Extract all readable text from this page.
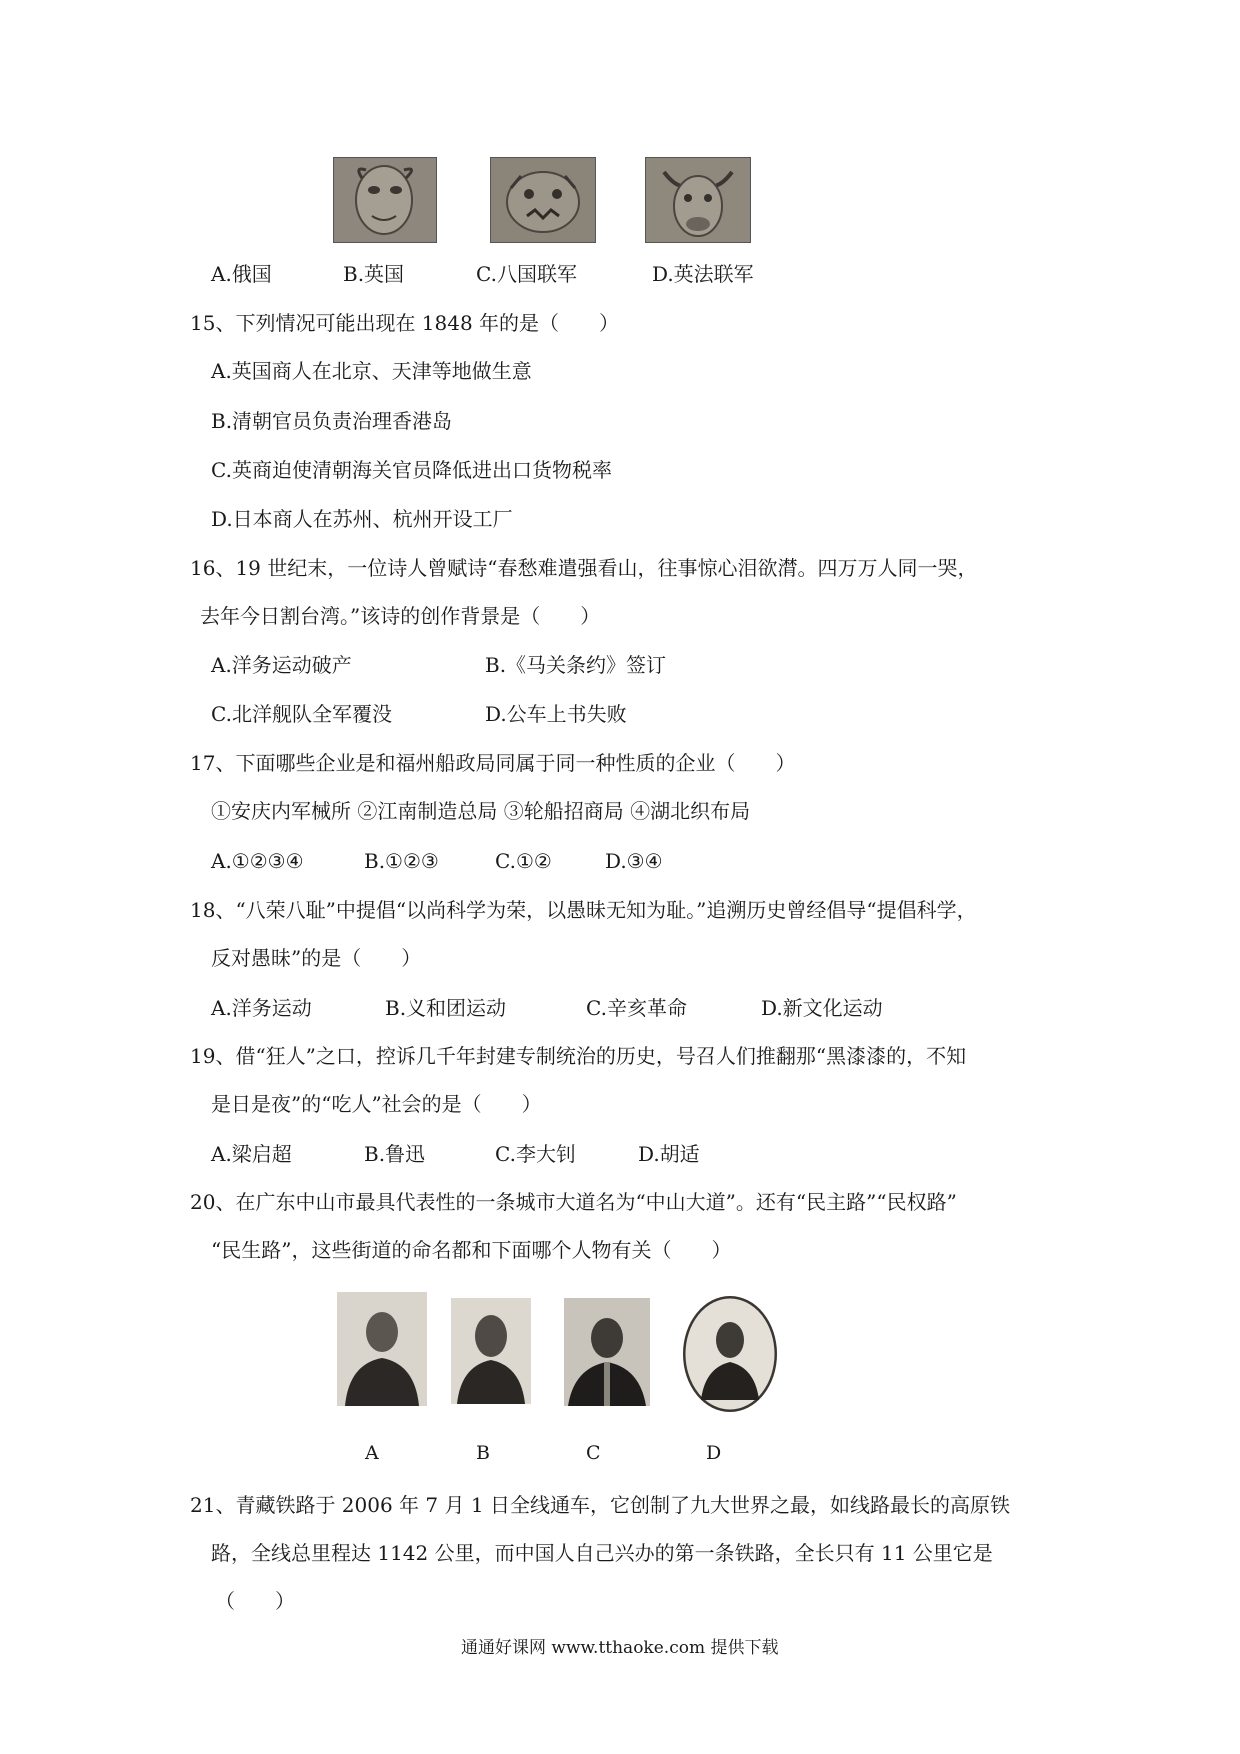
A.俄国	B.英国	C.八国联军	D.英法联军
15、下列情况可能出现在 1848 年的是（　　）
A.英国商人在北京、天津等地做生意
B.清朝官员负责治理香港岛
C.英商迫使清朝海关官员降低进出口货物税率
D.日本商人在苏州、杭州开设工厂
16、19 世纪末，一位诗人曾赋诗“春愁难遣强看山，往事惊心泪欲潸。四万万人同一哭，
去年今日割台湾。”该诗的创作背景是（　　）
A.洋务运动破产	B.《马关条约》签订
C.北洋舰队全军覆没	D.公车上书失败
17、下面哪些企业是和福州船政局同属于同一种性质的企业（　　）
①安庆内军械所 ②江南制造总局 ③轮船招商局 ④湖北织布局
A.①②③④	B.①②③	C.①②	D.③④
18、“八荣八耻”中提倡“以尚科学为荣，以愚昧无知为耻。”追溯历史曾经倡导“提倡科学，
反对愚昧”的是（　　）
A.洋务运动	B.义和团运动	C.辛亥革命	D.新文化运动
19、借“狂人”之口，控诉几千年封建专制统治的历史，号召人们推翻那“黑漆漆的，不知
是日是夜”的“吃人”社会的是（　　）
A.梁启超	B.鲁迅	C.李大钊	D.胡适
20、在广东中山市最具代表性的一条城市大道名为“中山大道”。还有“民主路”“民权路”
“民生路”，这些街道的命名都和下面哪个人物有关（　　）
A	B	C	D
21、青藏铁路于 2006 年 7 月 1 日全线通车，它创制了九大世界之最，如线路最长的高原铁
路，全线总里程达 1142 公里，而中国人自己兴办的第一条铁路，全长只有 11 公里它是
（　　）
通通好课网 www.tthaoke.com 提供下载
